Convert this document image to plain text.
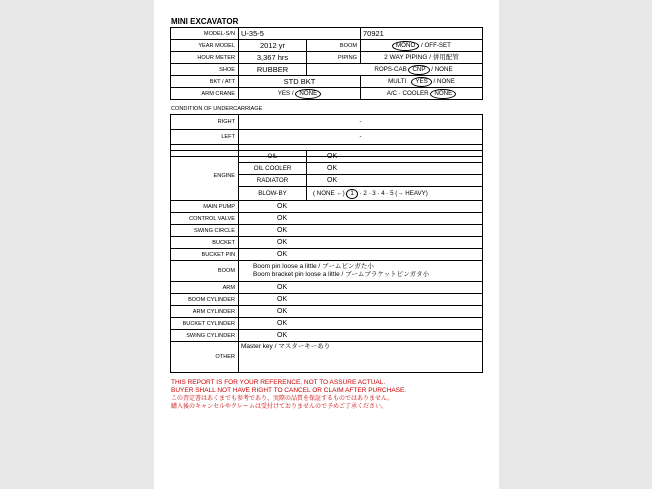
MINI EXCAVATOR
MODEL-S/N	U-35-5		70921
YEAR MODEL	2012 yr	BOOM	MONO / OFF-SET
HOUR METER	3,367 hrs	PIPING	2 WAY PIPING / 併用配管
SHOE	RUBBER	ROPS-CAB CNP / NONE	
BKT / ATT	STD BKT		MULTI YES / NONE
ARM CRANE	YES / NONE		A/C · COOLER NONE
CONDITION OF UNDERCARRIAGE
RIGHT	-
LEFT	-

ENGINE	OIL	OK
	OIL COOLER	OK
	RADIATOR	OK
	BLOW-BY	( NONE ←) 1 · 2 · 3 · 4 · 5 (→ HEAVY)
MAIN PUMP	OK	
CONTROL VALVE	OK	
SWING CIRCLE	OK	
BUCKET	OK	
BUCKET PIN	OK	
BOOM	Boom pin loose a little / ブームピンガた小
Boom bracket pin loose a little / ブームブラケットピンガタ小	

ARM	OK	
BOOM CYLINDER	OK	
ARM CYLINDER	OK	
BUCKET CYLINDER	OK	
SWING CYLINDER	OK	
OTHER	Master key / マスターキーあり	
THIS REPORT IS FOR YOUR REFERENCE, NOT TO ASSURE ACTUAL.
BUYER SHALL NOT HAVE RIGHT TO CANCEL OR CLAIM AFTER PURCHASE.
この査定書はあくまでも参考であり、実際の品質を保証するものではありません。
購入後のキャンセルやクレームは受付けておりませんので予めご了承ください。
